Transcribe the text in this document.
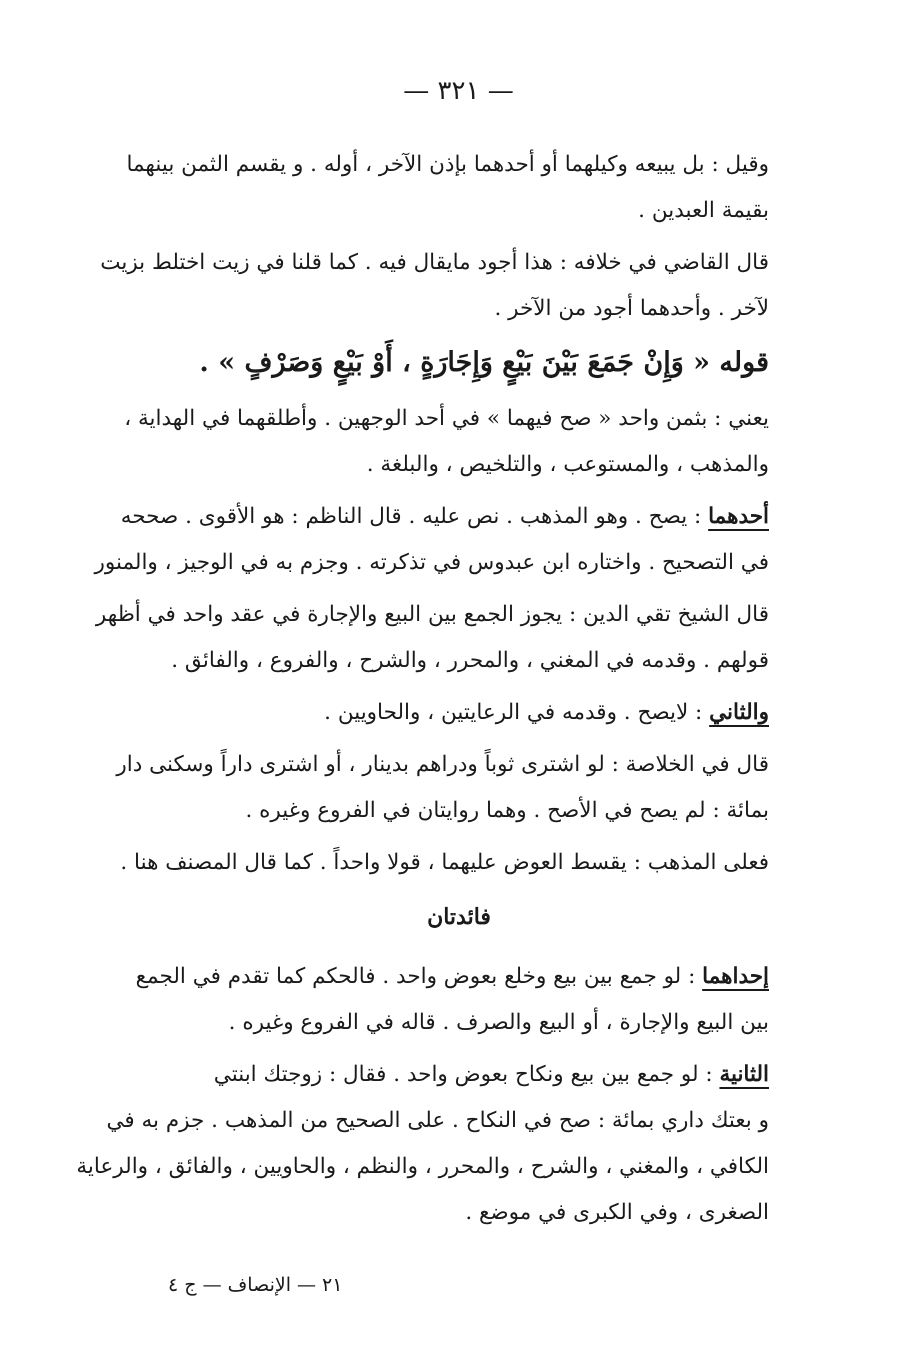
— ٣٢١ —

وقيل : بل يبيعه وكيلهما أو أحدهما بإذن الآخر ، أوله . و يقسم الثمن بينهما
بقيمة العبدين .

قال القاضي في خلافه : هذا أجود مايقال فيه . كما قلنا في زيت اختلط بزيت
لآخر . وأحدهما أجود من الآخر .

قوله « وَإِنْ جَمَعَ بَيْنَ بَيْعٍ وَإِجَارَةٍ ، أَوْ بَيْعٍ وَصَرْفٍ » .

يعني : بثمن واحد « صح فيهما » في أحد الوجهين . وأطلقهما في الهداية ،
والمذهب ، والمستوعب ، والتلخيص ، والبلغة .

أحدهما : يصح . وهو المذهب . نص عليه . قال الناظم : هو الأقوى . صححه
في التصحيح . واختاره ابن عبدوس في تذكرته . وجزم به في الوجيز ، والمنور

قال الشيخ تقي الدين : يجوز الجمع بين البيع والإجارة في عقد واحد في أظهر
قولهم . وقدمه في المغني ، والمحرر ، والشرح ، والفروع ، والفائق .

والثاني : لايصح . وقدمه في الرعايتين ، والحاويين .

قال في الخلاصة : لو اشترى ثوباً ودراهم بدينار ، أو اشترى داراً وسكنى دار
بمائة : لم يصح في الأصح . وهما روايتان في الفروع وغيره .

فعلى المذهب : يقسط العوض عليهما ، قولا واحداً . كما قال المصنف هنا .

فائدتان

إحداهما : لو جمع بين بيع وخلع بعوض واحد . فالحكم كما تقدم في الجمع
بين البيع والإجارة ، أو البيع والصرف . قاله في الفروع وغيره .

الثانية : لو جمع بين بيع ونكاح بعوض واحد . فقال : زوجتك ابنتي
و بعتك داري بمائة : صح في النكاح . على الصحيح من المذهب . جزم به في
الكافي ، والمغني ، والشرح ، والمحرر ، والنظم ، والحاويين ، والفائق ، والرعاية
الصغرى ، وفي الكبرى في موضع .

٢١ — الإنصاف — ج ٤
